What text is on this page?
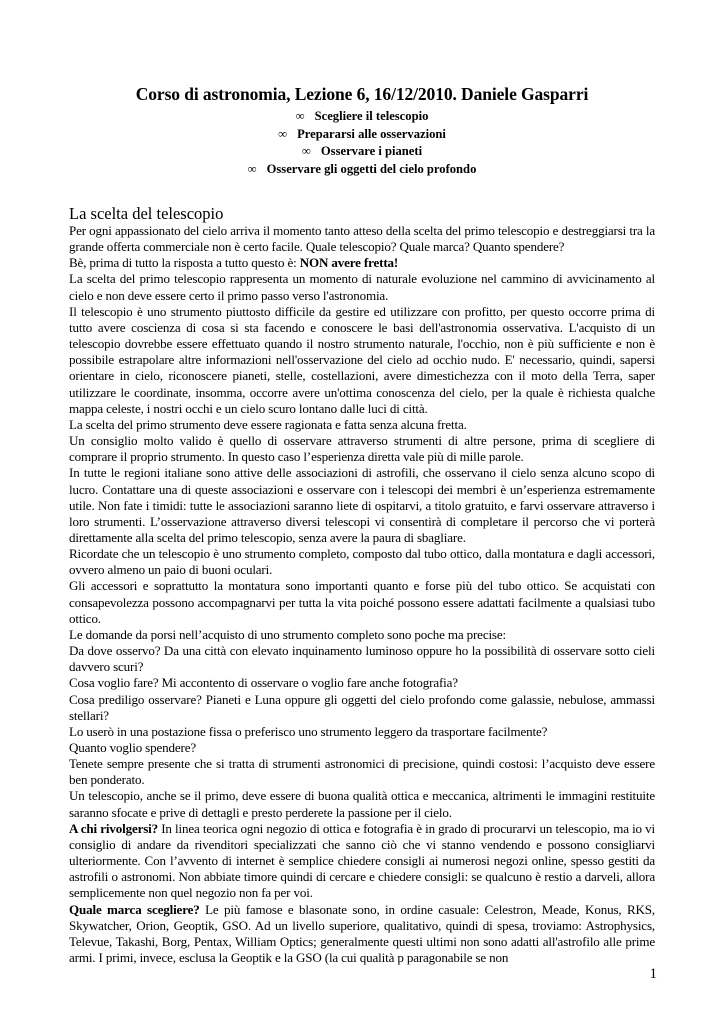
Corso di astronomia, Lezione 6, 16/12/2010. Daniele Gasparri
∞ Scegliere il telescopio
∞ Prepararsi alle osservazioni
∞ Osservare i pianeti
∞ Osservare gli oggetti del cielo profondo
La scelta del telescopio

Per ogni appassionato del cielo arriva il momento tanto atteso della scelta del primo telescopio e destreggiarsi tra la grande offerta commerciale non è certo facile. Quale telescopio? Quale marca? Quanto spendere?

Bè, prima di tutto la risposta a tutto questo è: NON avere fretta!

La scelta del primo telescopio rappresenta un momento di naturale evoluzione nel cammino di avvicinamento al cielo e non deve essere certo il primo passo verso l'astronomia.

Il telescopio è uno strumento piuttosto difficile da gestire ed utilizzare con profitto, per questo occorre prima di tutto avere coscienza di cosa si sta facendo e conoscere le basi dell'astronomia osservativa. L'acquisto di un telescopio dovrebbe essere effettuato quando il nostro strumento naturale, l'occhio, non è più sufficiente e non è possibile estrapolare altre informazioni nell'osservazione del cielo ad occhio nudo. E' necessario, quindi, sapersi orientare in cielo, riconoscere pianeti, stelle, costellazioni, avere dimestichezza con il moto della Terra, saper utilizzare le coordinate, insomma, occorre avere un'ottima conoscenza del cielo, per la quale è richiesta qualche mappa celeste, i nostri occhi e un cielo scuro lontano dalle luci di città.

La scelta del primo strumento deve essere ragionata e fatta senza alcuna fretta.

Un consiglio molto valido è quello di osservare attraverso strumenti di altre persone, prima di scegliere di comprare il proprio strumento. In questo caso l’esperienza diretta vale più di mille parole.

In tutte le regioni italiane sono attive delle associazioni di astrofili, che osservano il cielo senza alcuno scopo di lucro. Contattare una di queste associazioni e osservare con i telescopi dei membri è un’esperienza estremamente utile. Non fate i timidi: tutte le associazioni saranno liete di ospitarvi, a titolo gratuito, e farvi osservare attraverso i loro strumenti. L’osservazione attraverso diversi telescopi vi consentirà di completare il percorso che vi porterà direttamente alla scelta del primo telescopio, senza avere la paura di sbagliare.

Ricordate che un telescopio è uno strumento completo, composto dal tubo ottico, dalla montatura e dagli accessori, ovvero almeno un paio di buoni oculari.

Gli accessori e soprattutto la montatura sono importanti quanto e forse più del tubo ottico. Se acquistati con consapevolezza possono accompagnarvi per tutta la vita poiché possono essere adattati facilmente a qualsiasi tubo ottico.

Le domande da porsi nell’acquisto di uno strumento completo sono poche ma precise:

Da dove osservo? Da una città con elevato inquinamento luminoso oppure ho la possibilità di osservare sotto cieli davvero scuri?

Cosa voglio fare? Mi accontento di osservare o voglio fare anche fotografia?

Cosa prediligo osservare? Pianeti e Luna oppure gli oggetti del cielo profondo come galassie, nebulose, ammassi stellari?

Lo userò in una postazione fissa o preferisco uno strumento leggero da trasportare facilmente?

Quanto voglio spendere?

Tenete sempre presente che si tratta di strumenti astronomici di precisione, quindi costosi: l’acquisto deve essere ben ponderato.

Un telescopio, anche se il primo, deve essere di buona qualità ottica e meccanica, altrimenti le immagini restituite saranno sfocate e prive di dettagli e presto perderete la passione per il cielo.

A chi rivolgersi? In linea teorica ogni negozio di ottica e fotografia è in grado di procurarvi un telescopio, ma io vi consiglio di andare da rivenditori specializzati che sanno ciò che vi stanno vendendo e possono consigliarvi ulteriormente. Con l’avvento di internet è semplice chiedere consigli ai numerosi negozi online, spesso gestiti da astrofili o astronomi. Non abbiate timore quindi di cercare e chiedere consigli: se qualcuno è restio a darveli, allora semplicemente non quel negozio non fa per voi.

Quale marca scegliere? Le più famose e blasonate sono, in ordine casuale: Celestron, Meade, Konus, RKS, Skywatcher, Orion, Geoptik, GSO. Ad un livello superiore, qualitativo, quindi di spesa, troviamo: Astrophysics, Televue, Takashi, Borg, Pentax, William Optics; generalmente questi ultimi non sono adatti all'astrofilo alle prime armi. I primi, invece, esclusa la Geoptik e la GSO (la cui qualità p paragonabile se non

1
